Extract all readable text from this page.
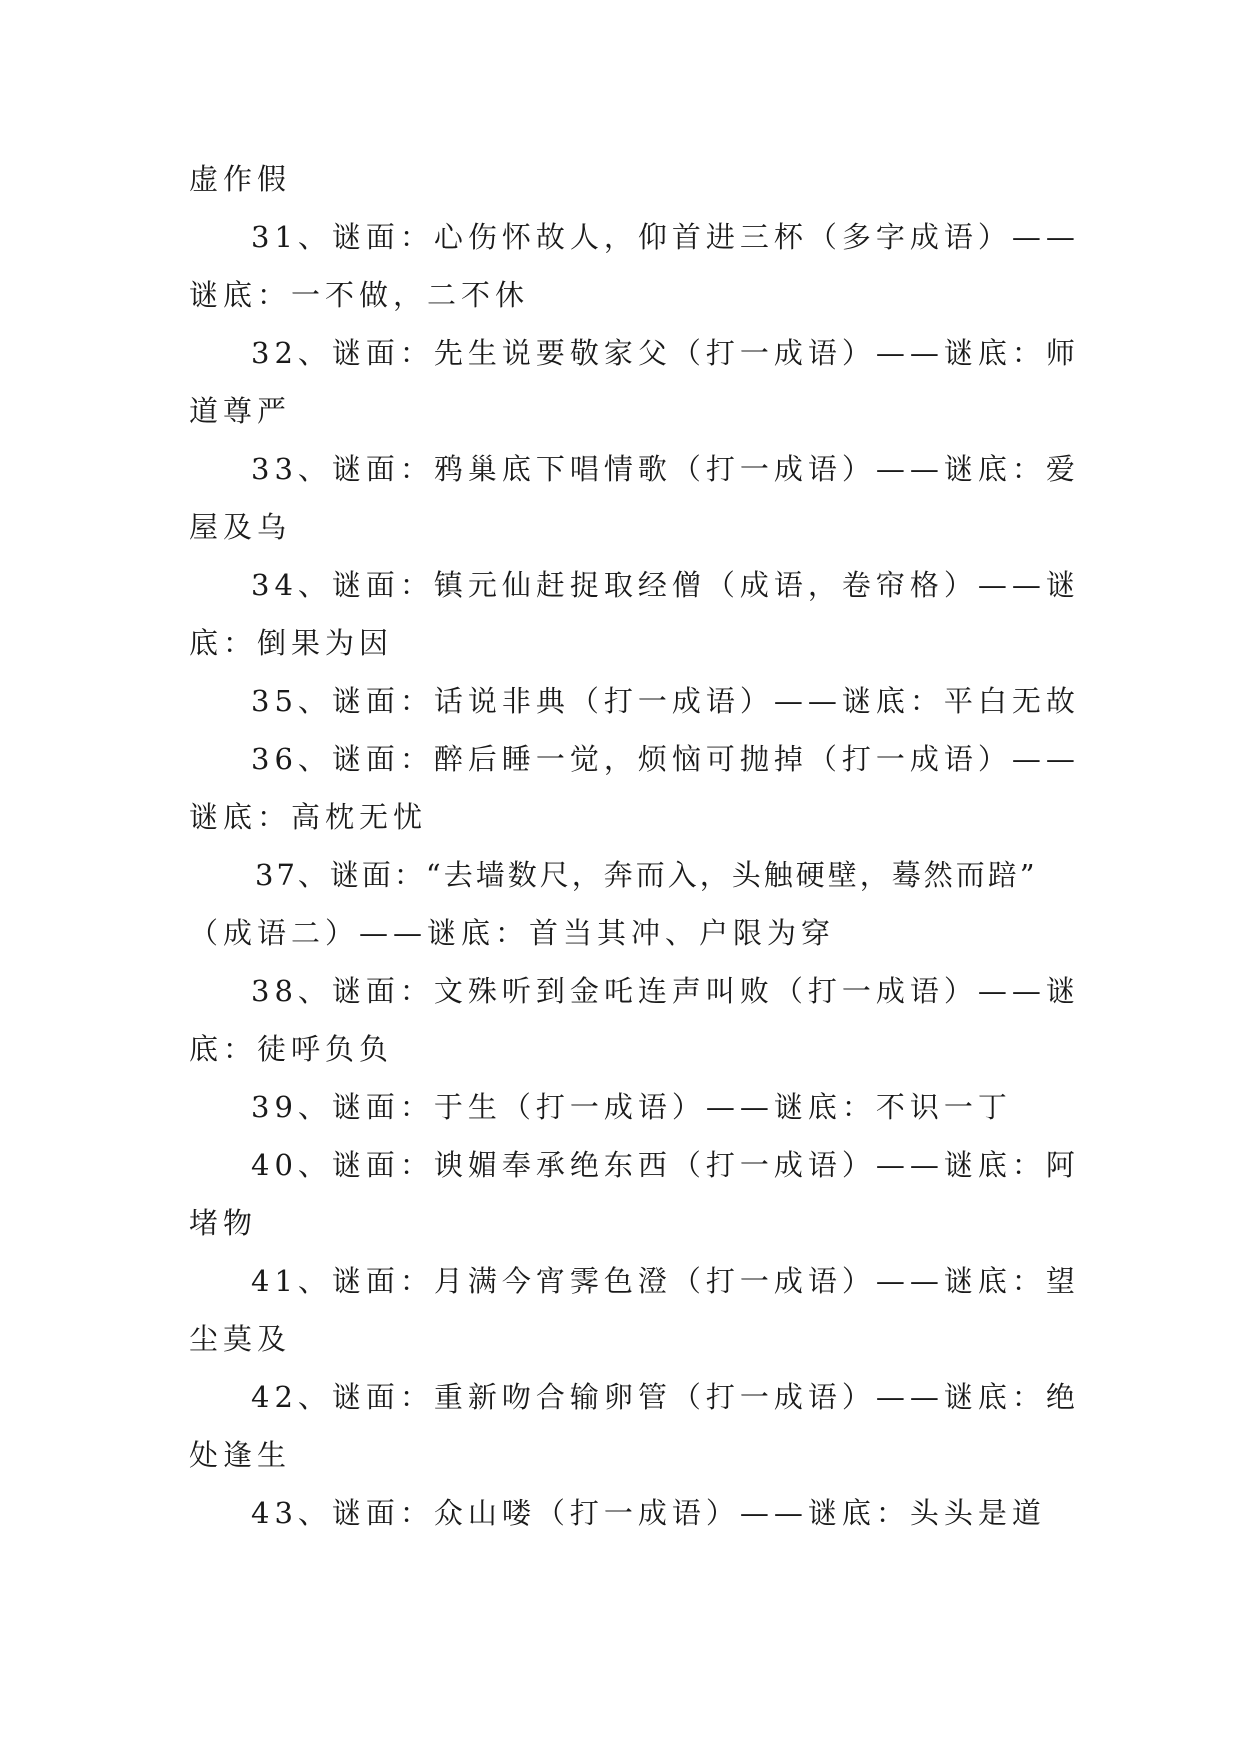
虚作假
31、谜面：心伤怀故人，仰首进三杯（多字成语）——
谜底：一不做，二不休
32、谜面：先生说要敬家父（打一成语）——谜底：师
道尊严
33、谜面：鸦巢底下唱情歌（打一成语）——谜底：爱
屋及乌
34、谜面：镇元仙赶捉取经僧（成语，卷帘格）——谜
底：倒果为因
35、谜面：话说非典（打一成语）——谜底：平白无故
36、谜面：醉后睡一觉，烦恼可抛掉（打一成语）——
谜底：高枕无忧
37、谜面：“去墙数尺，奔而入，头触硬壁，蓦然而踣”
（成语二）——谜底：首当其冲、户限为穿
38、谜面：文殊听到金吒连声叫败（打一成语）——谜
底：徒呼负负
39、谜面：于生（打一成语）——谜底：不识一丁
40、谜面：谀媚奉承绝东西（打一成语）——谜底：阿
堵物
41、谜面：月满今宵霁色澄（打一成语）——谜底：望
尘莫及
42、谜面：重新吻合输卵管（打一成语）——谜底：绝
处逢生
43、谜面：众山喽（打一成语）——谜底：头头是道
